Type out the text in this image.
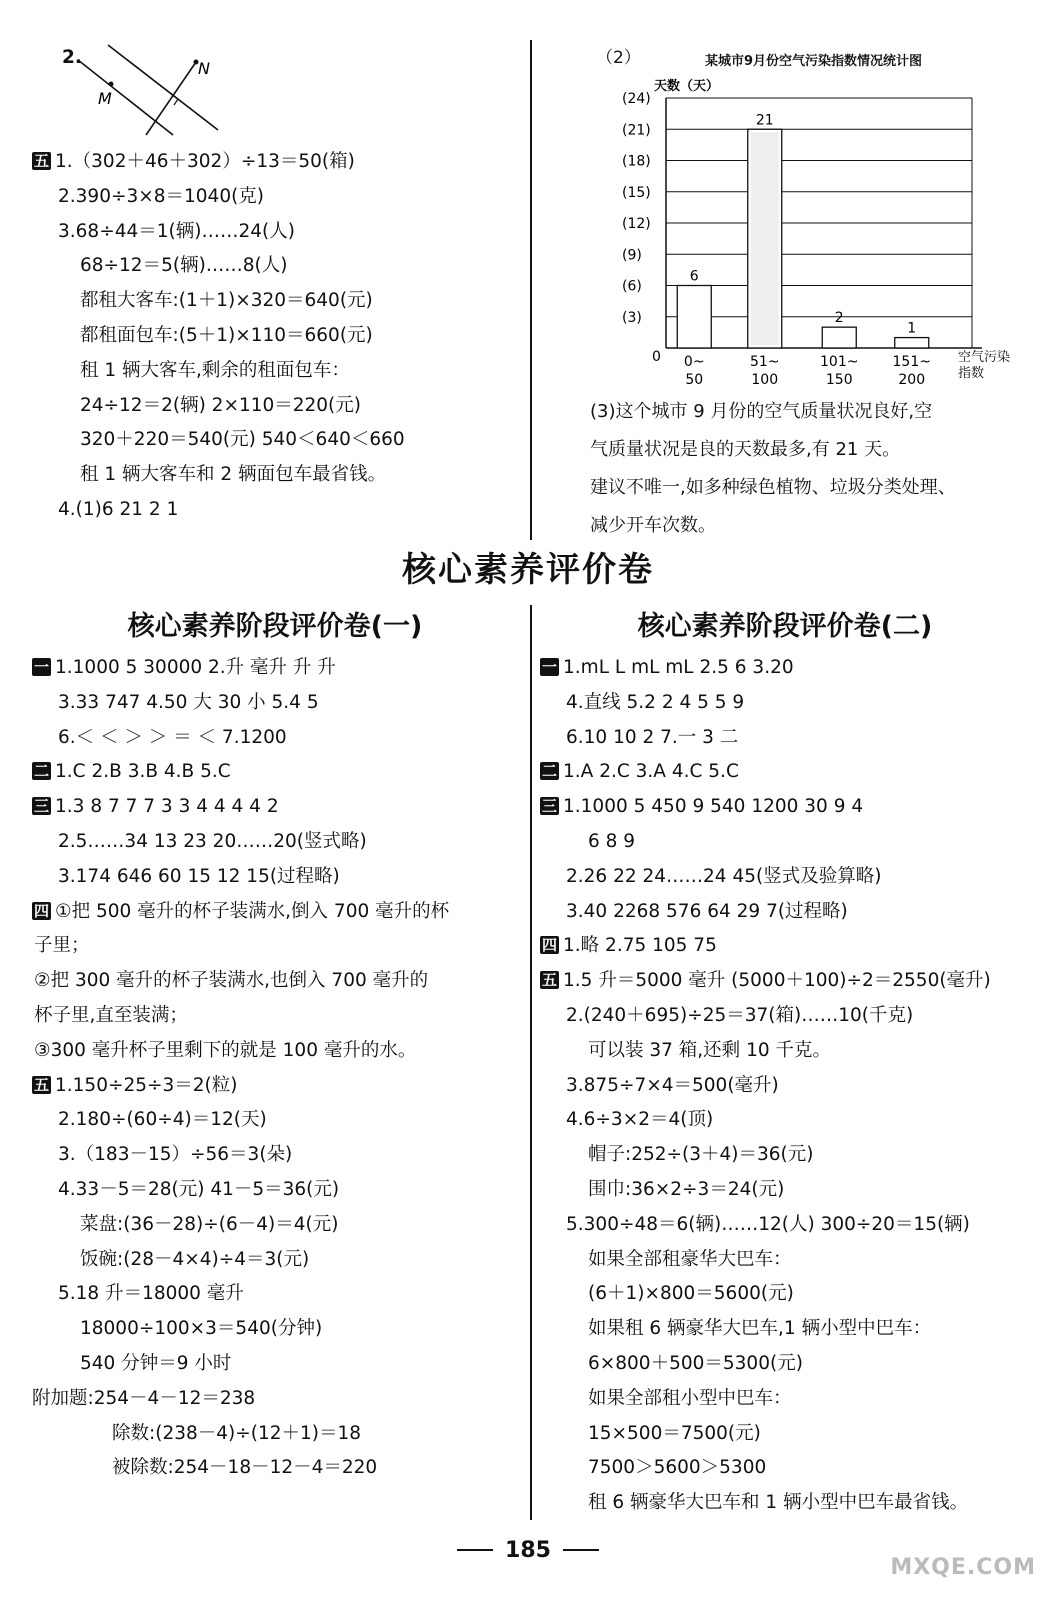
2.
M
N
五 1.（302＋46＋302）÷13＝50(箱)
2.390÷3×8＝1040(克)
3.68÷44＝1(辆)……24(人)
68÷12＝5(辆)……8(人)
都租大客车:(1＋1)×320＝640(元)
都租面包车:(5＋1)×110＝660(元)
租 1 辆大客车,剩余的租面包车：
24÷12＝2(辆) 2×110＝220(元)
320＋220＝540(元) 540＜640＜660
租 1 辆大客车和 2 辆面包车最省钱。
4.(1)6 21 2 1
（2）	某城市9月份空气污染指数情况统计图
天数（天）
6
21
2
1
(24)
(21)
(18)
(15)
(12)
(9)
(6)
(3)
0~
50
51~
100
101~
150
151~
200
0	空气污染指数
(3)这个城市 9 月份的空气质量状况良好,空
气质量状况是良的天数最多,有 21 天。
建议不唯一,如多种绿色植物、垃圾分类处理、
减少开车次数。
核心素养评价卷
核心素养阶段评价卷(一)
一 1.1000 5 30000 2.升 毫升 升 升
3.33 747 4.50 大 30 小 5.4 5
6.＜ ＜ ＞ ＞ ＝ ＜ 7.1200
二 1.C 2.B 3.B 4.B 5.C
三 1.3 8 7 7 7 3 3 4 4 4 4 2
2.5……34 13 23 20……20(竖式略)
3.174 646 60 15 12 15(过程略)
四 ①把 500 毫升的杯子装满水,倒入 700 毫升的杯
子里；
②把 300 毫升的杯子装满水,也倒入 700 毫升的
杯子里,直至装满；
③300 毫升杯子里剩下的就是 100 毫升的水。
五 1.150÷25÷3＝2(粒)
2.180÷(60÷4)＝12(天)
3.（183－15）÷56＝3(朵)
4.33－5＝28(元) 41－5＝36(元)
菜盘:(36－28)÷(6－4)＝4(元)
饭碗:(28－4×4)÷4＝3(元)
5.18 升＝18000 毫升
18000÷100×3＝540(分钟)
540 分钟＝9 小时
附加题:254－4－12＝238
除数:(238－4)÷(12＋1)＝18
被除数:254－18－12－4＝220
核心素养阶段评价卷(二)
一 1.mL L mL mL 2.5 6 3.20
4.直线 5.2 2 4 5 5 9
6.10 10 2 7.一 3 二
二 1.A 2.C 3.A 4.C 5.C
三 1.1000 5 450 9 540 1200 30 9 4
6 8 9
2.26 22 24……24 45(竖式及验算略)
3.40 2268 576 64 29 7(过程略)
四 1.略 2.75 105 75
五 1.5 升＝5000 毫升 (5000＋100)÷2＝2550(毫升)
2.(240＋695)÷25＝37(箱)……10(千克)
可以装 37 箱,还剩 10 千克。
3.875÷7×4＝500(毫升)
4.6÷3×2＝4(顶)
帽子:252÷(3＋4)＝36(元)
围巾:36×2÷3＝24(元)
5.300÷48＝6(辆)……12(人) 300÷20＝15(辆)
如果全部租豪华大巴车：
(6＋1)×800＝5600(元)
如果租 6 辆豪华大巴车,1 辆小型中巴车：
6×800＋500＝5300(元)
如果全部租小型中巴车：
15×500＝7500(元)
7500＞5600＞5300
租 6 辆豪华大巴车和 1 辆小型中巴车最省钱。
185
MXQE.COM
